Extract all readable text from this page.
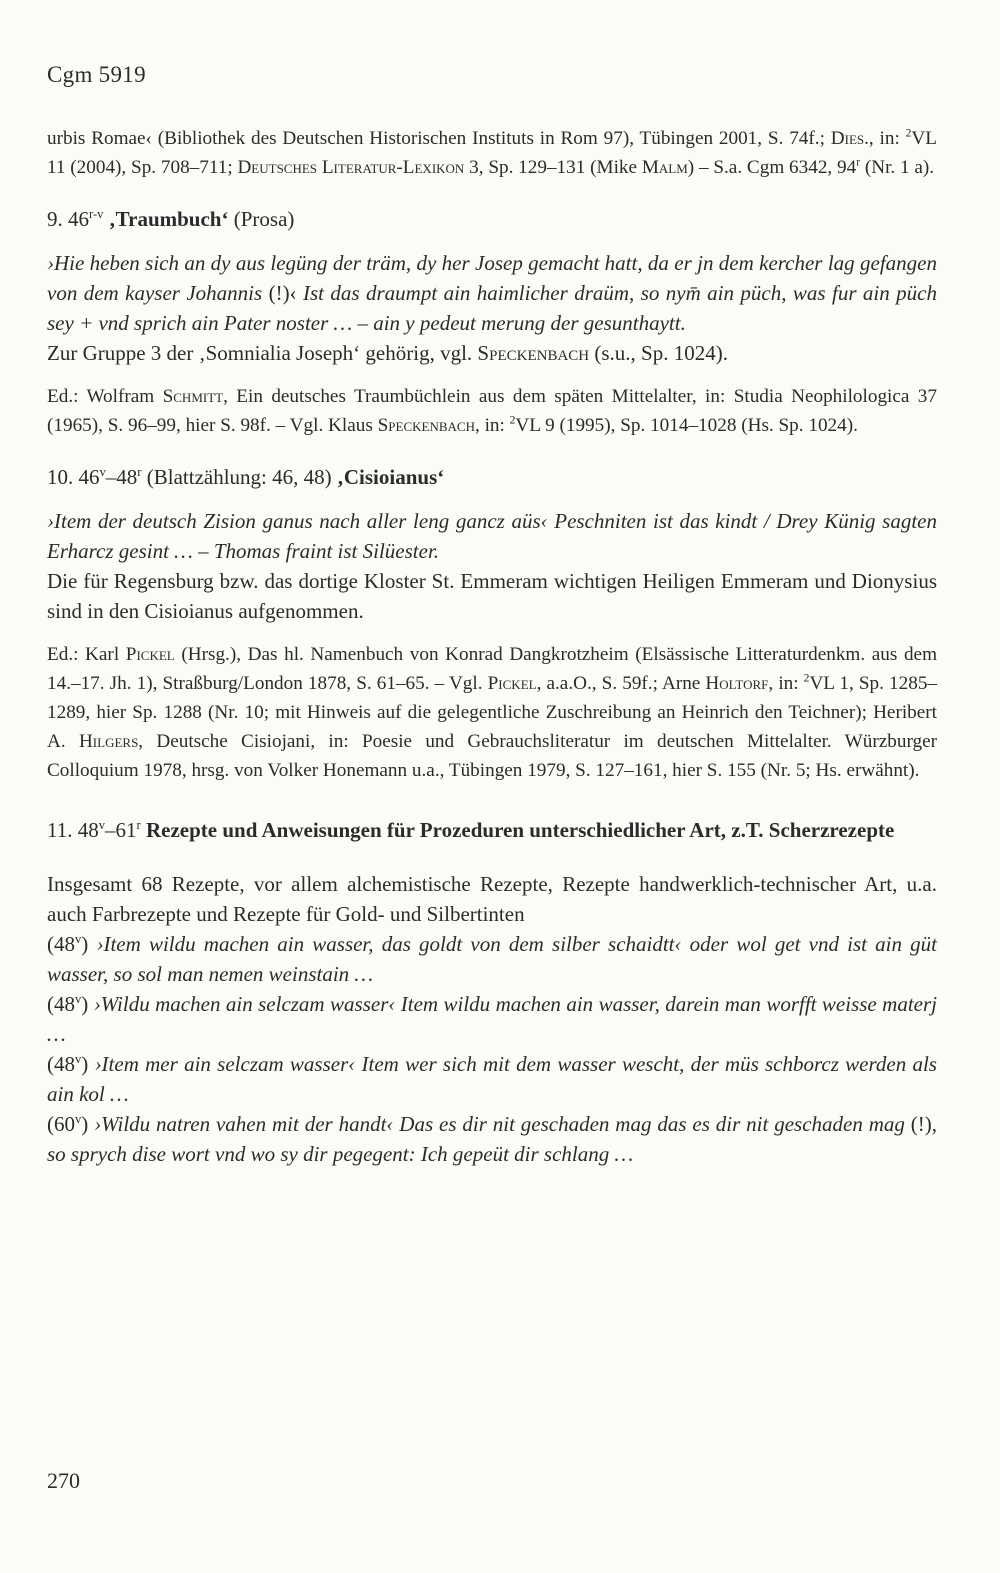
Cgm 5919

urbis Romae‹ (Bibliothek des Deutschen Historischen Instituts in Rom 97), Tübingen 2001, S. 74f.; Dies., in: $^2$VL 11 (2004), Sp. 708–711; Deutsches Literatur-Lexikon 3, Sp. 129–131 (Mike Malm) – S.a. Cgm 6342, 94$^r$ (Nr. 1 a).

9. 46$^{r-v}$ ‚Traumbuch‘ (Prosa)

›Hie heben sich an dy aus legüng der träm, dy her Josep gemacht hatt, da er jn dem kercher lag gefangen von dem kayser Johannis (!)‹ Ist das draumpt ain haimlicher draüm, so nym̄ ain püch, was fur ain püch sey + vnd sprich ain Pater noster … – ain y pedeut merung der gesunthaytt.

Zur Gruppe 3 der ‚Somnialia Joseph‘ gehörig, vgl. Speckenbach (s.u., Sp. 1024).

Ed.: Wolfram Schmitt, Ein deutsches Traumbüchlein aus dem späten Mittelalter, in: Studia Neophilologica 37 (1965), S. 96–99, hier S. 98f. – Vgl. Klaus Speckenbach, in: $^2$VL 9 (1995), Sp. 1014–1028 (Hs. Sp. 1024).

10. 46$^v$–48$^r$ (Blattzählung: 46, 48) ‚Cisioianus‘

›Item der deutsch Zision ganus nach aller leng gancz aüs‹ Peschniten ist das kindt / Drey Künig sagten Erharcz gesint … – Thomas fraint ist Silüester.

Die für Regensburg bzw. das dortige Kloster St. Emmeram wichtigen Heiligen Emmeram und Dionysius sind in den Cisioianus aufgenommen.

Ed.: Karl Pickel (Hrsg.), Das hl. Namenbuch von Konrad Dangkrotzheim (Elsässische Litteraturdenkm. aus dem 14.–17. Jh. 1), Straßburg/London 1878, S. 61–65. – Vgl. Pickel, a.a.O., S. 59f.; Arne Holtorf, in: $^2$VL 1, Sp. 1285–1289, hier Sp. 1288 (Nr. 10; mit Hinweis auf die gelegentliche Zuschreibung an Heinrich den Teichner); Heribert A. Hilgers, Deutsche Cisiojani, in: Poesie und Gebrauchsliteratur im deutschen Mittelalter. Würzburger Colloquium 1978, hrsg. von Volker Honemann u.a., Tübingen 1979, S. 127–161, hier S. 155 (Nr. 5; Hs. erwähnt).

11. 48$^v$–61$^r$ Rezepte und Anweisungen für Prozeduren unterschiedlicher Art, z.T. Scherzrezepte

Insgesamt 68 Rezepte, vor allem alchemistische Rezepte, Rezepte handwerklich-technischer Art, u.a. auch Farbrezepte und Rezepte für Gold- und Silbertinten

(48$^v$) ›Item wildu machen ain wasser, das goldt von dem silber schaidtt‹ oder wol get vnd ist ain güt wasser, so sol man nemen weinstain …

(48$^v$) ›Wildu machen ain selczam wasser‹ Item wildu machen ain wasser, darein man worfft weisse materj …

(48$^v$) ›Item mer ain selczam wasser‹ Item wer sich mit dem wasser wescht, der müs schborcz werden als ain kol …

(60$^v$) ›Wildu natren vahen mit der handt‹ Das es dir nit geschaden mag das es dir nit geschaden mag (!), so sprych dise wort vnd wo sy dir pegegent: Ich gepeüt dir schlang …

270
